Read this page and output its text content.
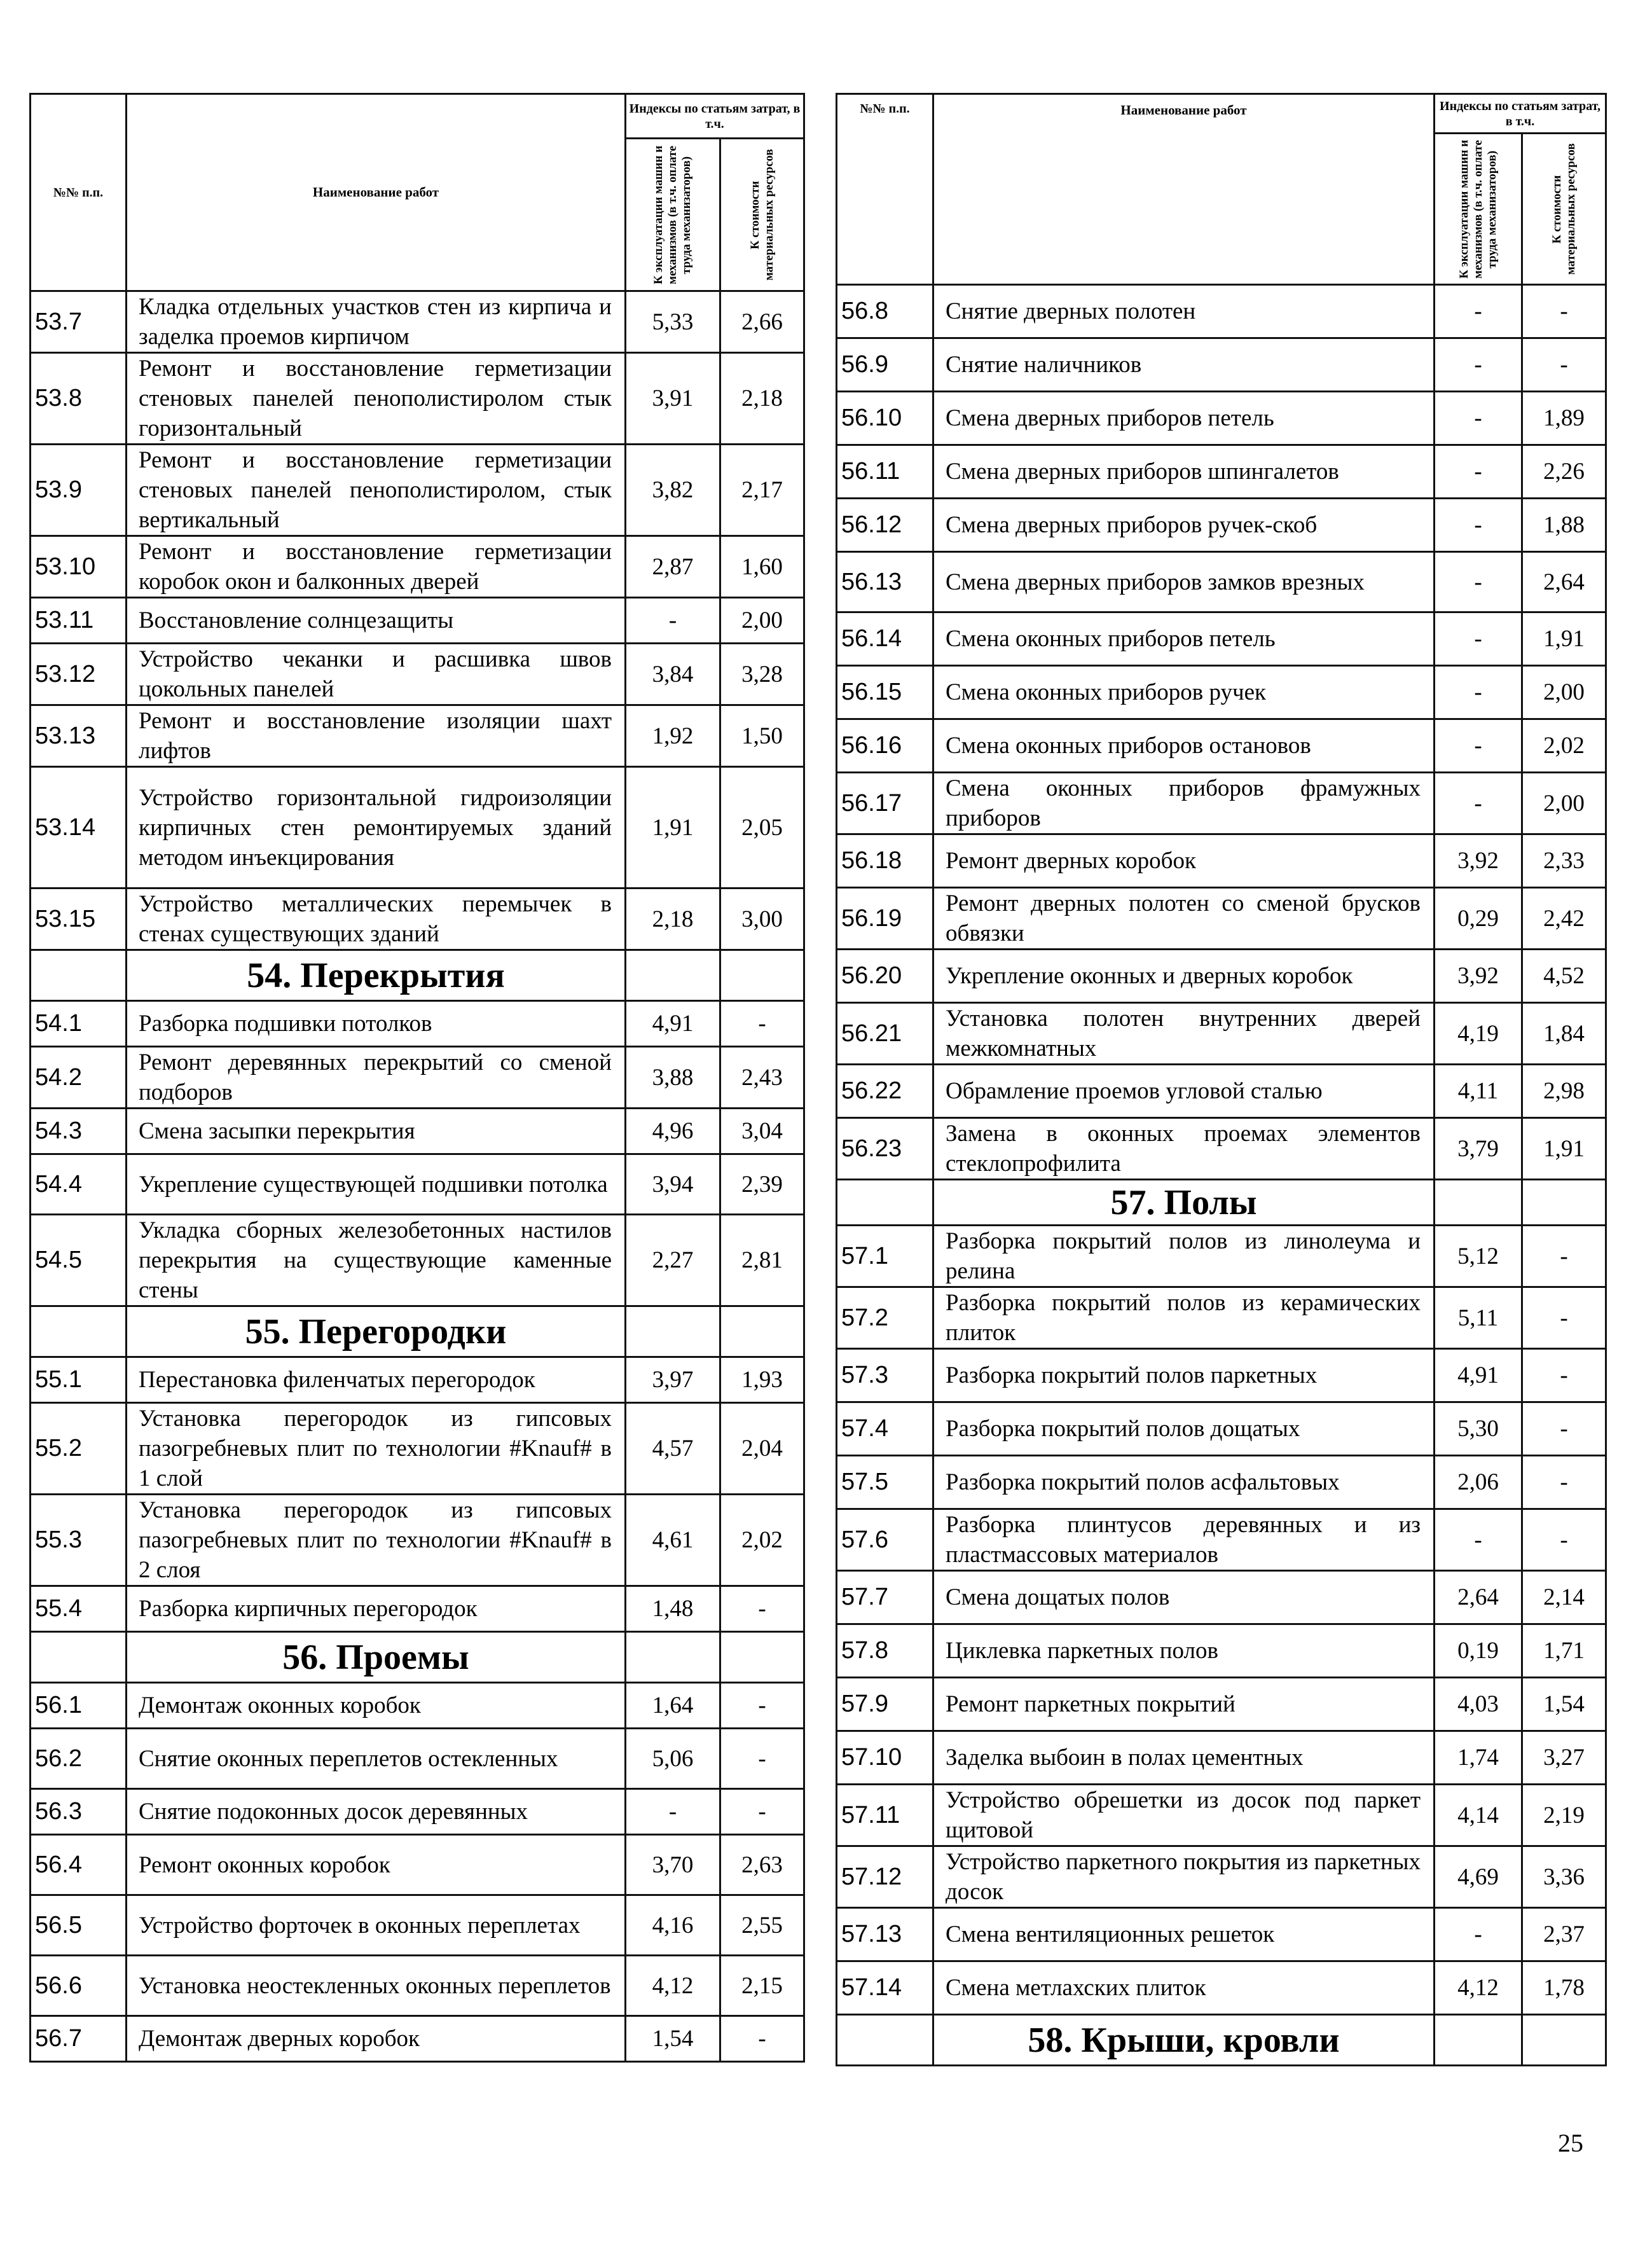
№№ п.п.	Наименование работ	Индексы по статьям затрат, в т.ч.	

		К эксплуатации машин и механизмов (в т.ч. оплате труда механизаторов)	К стоимости материальных ресурсов

53.7	Кладка отдельных участков стен из кирпича и заделка проемов кирпичом	5,33	2,66
53.8	Ремонт и восстановление герметизации стеновых панелей пенополистиролом стык горизонтальный	3,91	2,18
53.9	Ремонт и восстановление герметизации стеновых панелей пенополистиролом, стык вертикальный	3,82	2,17
53.10	Ремонт и восстановление герметизации коробок окон и балконных дверей	2,87	1,60
53.11	Восстановление солнцезащиты	-	2,00
53.12	Устройство чеканки и расшивка швов цокольных панелей	3,84	3,28
53.13	Ремонт и восстановление изоляции шахт лифтов	1,92	1,50
53.14	Устройство горизонтальной гидроизоляции кирпичных стен ремонтируемых зданий методом инъекцирования	1,91	2,05
53.15	Устройство металлических перемычек в стенах существующих зданий	2,18	3,00
	54. Перекрытия		
54.1	Разборка подшивки потолков	4,91	-
54.2	Ремонт деревянных перекрытий со сменой подборов	3,88	2,43
54.3	Смена засыпки перекрытия	4,96	3,04
54.4	Укрепление существующей подшивки потолка	3,94	2,39
54.5	Укладка сборных железобетонных настилов перекрытия на существующие каменные стены	2,27	2,81
	55. Перегородки		
55.1	Перестановка филенчатых перегородок	3,97	1,93
55.2	Установка перегородок из гипсовых пазогребневых плит по технологии #Knauf# в 1 слой	4,57	2,04
55.3	Установка перегородок из гипсовых пазогребневых плит по технологии #Knauf# в 2 слоя	4,61	2,02
55.4	Разборка кирпичных перегородок	1,48	-
	56. Проемы		
56.1	Демонтаж оконных коробок	1,64	-
56.2	Снятие оконных переплетов остекленных	5,06	-
56.3	Снятие подоконных досок деревянных	-	-
56.4	Ремонт оконных коробок	3,70	2,63
56.5	Устройство форточек в оконных переплетах	4,16	2,55
56.6	Установка неостекленных оконных переплетов	4,12	2,15
56.7	Демонтаж дверных коробок	1,54	-
№№ п.п.	Наименование работ	Индексы по статьям затрат, в т.ч.	

		К эксплуатации машин и механизмов (в т.ч. оплате труда механизаторов)	К стоимости материальных ресурсов

56.8	Снятие дверных полотен	-	-
56.9	Снятие наличников	-	-
56.10	Смена дверных приборов петель	-	1,89
56.11	Смена дверных приборов шпингалетов	-	2,26
56.12	Смена дверных приборов ручек-скоб	-	1,88
56.13	Смена дверных приборов замков врезных	-	2,64
56.14	Смена оконных приборов петель	-	1,91
56.15	Смена оконных приборов ручек	-	2,00
56.16	Смена оконных приборов остановов	-	2,02
56.17	Смена оконных приборов фрамужных приборов	-	2,00
56.18	Ремонт дверных коробок	3,92	2,33
56.19	Ремонт дверных полотен со сменой брусков обвязки	0,29	2,42
56.20	Укрепление оконных и дверных коробок	3,92	4,52
56.21	Установка полотен внутренних дверей межкомнатных	4,19	1,84
56.22	Обрамление проемов угловой сталью	4,11	2,98
56.23	Замена в оконных проемах элементов стеклопрофилита	3,79	1,91
	57. Полы		
57.1	Разборка покрытий полов из линолеума и релина	5,12	-
57.2	Разборка покрытий полов из керамических плиток	5,11	-
57.3	Разборка покрытий полов паркетных	4,91	-
57.4	Разборка покрытий полов дощатых	5,30	-
57.5	Разборка покрытий полов асфальтовых	2,06	-
57.6	Разборка плинтусов деревянных и из пластмассовых материалов	-	-
57.7	Смена дощатых полов	2,64	2,14
57.8	Циклевка паркетных полов	0,19	1,71
57.9	Ремонт паркетных покрытий	4,03	1,54
57.10	Заделка выбоин в полах цементных	1,74	3,27
57.11	Устройство обрешетки из досок под паркет щитовой	4,14	2,19
57.12	Устройство паркетного покрытия из паркетных досок	4,69	3,36
57.13	Смена вентиляционных решеток	-	2,37
57.14	Смена метлахских плиток	4,12	1,78
	58. Крыши, кровли		
25
